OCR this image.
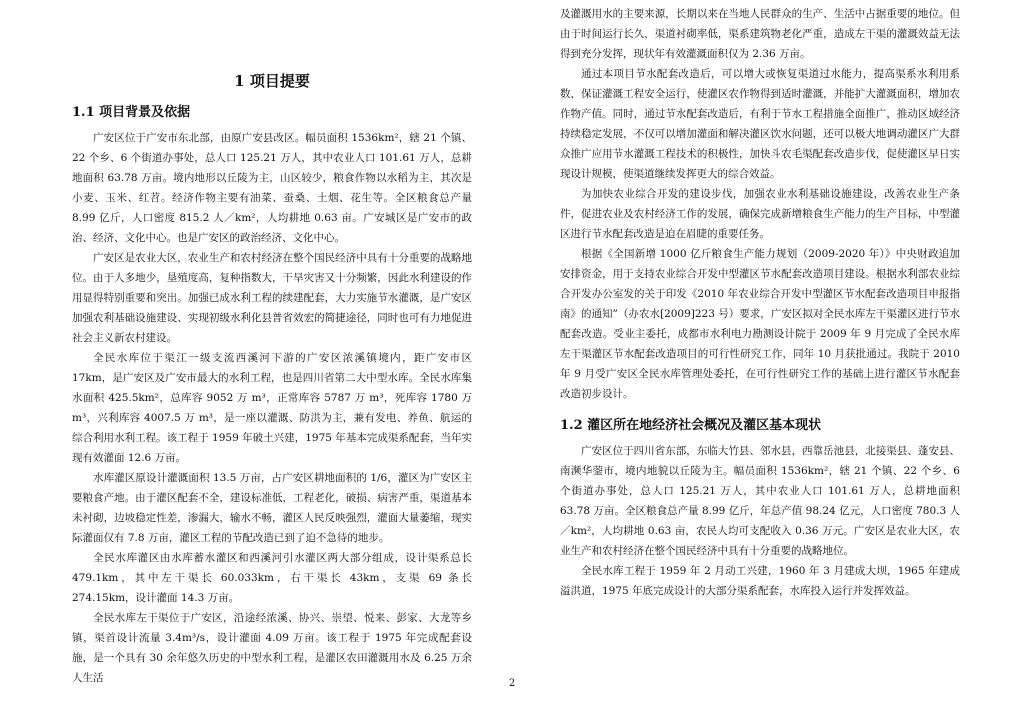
1 项目提要
1.1 项目背景及依据

广安区位于广安市东北部，由原广安县改区。幅员面积 1536km²，辖 21 个镇、22 个乡、6 个街道办事处，总人口 125.21 万人，其中农业人口 101.61 万人，总耕地面积 63.78 万亩。境内地形以丘陵为主，山区较少，粮食作物以水稻为主，其次是小麦、玉米、红苕。经济作物主要有油菜、蚕桑、土烟、花生等。全区粮食总产量 8.99 亿斤，人口密度 815.2 人／km²，人均耕地 0.63 亩。广安城区是广安市的政治、经济、文化中心。也是广安区的政治经济、文化中心。

广安区是农业大区，农业生产和农村经济在整个国民经济中具有十分重要的战略地位。由于人多地少，垦殖度高，复种指数大，干旱灾害又十分频繁，因此水利建设的作用显得特别重要和突出。加强已成水利工程的续建配套，大力实施节水灌溉，是广安区加强农利基础设施建设、实现初级水利化县普省效宏的简捷途径，同时也可有力地促进社会主义新农村建设。

全民水库位于渠江一级支流西溪河下游的广安区浓溪镇境内，距广安市区 17km，是广安区及广安市最大的水利工程，也是四川省第二大中型水库。全民水库集水面积 425.5km²，总库容 9052 万 m³，正常库容 5787 万 m³，死库容 1780 万 m³，兴利库容 4007.5 万 m³，是一座以灌溉、防洪为主，兼有发电、养鱼、航运的综合利用水利工程。该工程于 1959 年破土兴建，1975 年基本完成渠系配套，当年实现有效灌面 12.6 万亩。

水库灌区原设计灌溉面积 13.5 万亩，占广安区耕地面积的 1/6，灌区为广安区主要粮食产地。由于灌区配套不全，建设标准低，工程老化，破损、病害严重，渠道基本未衬砌，边坡稳定性差，渗漏大，输水不畅，灌区人民反映强烈，灌面大量萎缩，现实际灌面仅有 7.8 万亩，灌区工程的节配改造已到了迫不急待的地步。

全民水库灌区由水库蓄水灌区和西溪河引水灌区两大部分组成，设计渠系总长 479.1km，其中左干渠长 60.033km，右干渠长 43km，支渠 69 条长 274.15km，设计灌面 14.3 万亩。

全民水库左干渠位于广安区，沿途经浓溪、协兴、崇望、悦来、彭家、大龙等乡镇，渠首设计流量 3.4m³/s，设计灌面 4.09 万亩。该工程于 1975 年完成配套设施，是一个具有 30 余年悠久历史的中型水利工程，是灌区农田灌溉用水及 6.25 万余人生活

及灌溉用水的主要来源，长期以来在当地人民群众的生产、生活中占据重要的地位。但由于时间运行长久，渠道衬砌率低，渠系建筑物老化严重，造成左干渠的灌溉效益无法得到充分发挥，现状年有效灌溉面积仅为 2.36 万亩。

通过本项目节水配套改造后，可以增大或恢复渠道过水能力，提高渠系水利用系数，保证灌溉工程安全运行，使灌区农作物得到适时灌溉，并能扩大灌溉面积，增加农作物产值。同时，通过节水配套改造后，有利于节水工程措施全面推广，推动区域经济持续稳定发展，不仅可以增加灌面和解决灌区饮水问题，还可以极大地调动灌区广大群众推广应用节水灌溉工程技术的积极性，加快斗农毛渠配套改造步伐，促使灌区早日实现设计规模，使渠道继续发挥更大的综合效益。

为加快农业综合开发的建设步伐，加强农业水利基础设施建设，改善农业生产条件，促进农业及农村经济工作的发展，确保完成新增粮食生产能力的生产目标，中型灌区进行节水配套改造是迫在眉睫的重要任务。

根据《全国新增 1000 亿斤粮食生产能力规划（2009-2020 年）》中央财政追加安排资金，用于支持农业综合开发中型灌区节水配套改造项目建设。根据水利部农业综合开发办公室发的关于印发《2010 年农业综合开发中型灌区节水配套改造项目申报指南》的通知”（办农水[2009]223 号）要求，广安区拟对全民水库左干渠灌区进行节水配套改造。受业主委托，成都市水利电力勘测设计院于 2009 年 9 月完成了全民水库左干渠灌区节水配套改造项目的可行性研究工作，同年 10 月获批通过。我院于 2010 年 9 月受广安区全民水库管理处委托，在可行性研究工作的基础上进行灌区节水配套改造初步设计。

1.2 灌区所在地经济社会概况及灌区基本现状

广安区位于四川省东部，东临大竹县、邻水县，西靠岳池县，北接渠县、蓬安县、南濒华蓥市，境内地貌以丘陵为主。幅员面积 1536km²，辖 21 个镇、22 个乡、6 个街道办事处，总人口 125.21 万人，其中农业人口 101.61 万人，总耕地面积 63.78 万亩。全区粮食总产量 8.99 亿斤，年总产值 98.24 亿元，人口密度 780.3 人／km²，人均耕地 0.63 亩，农民人均可支配收入 0.36 万元。广安区是农业大区，农业生产和农村经济在整个国民经济中具有十分重要的战略地位。

全民水库工程于 1959 年 2 月动工兴建，1960 年 3 月建成大坝，1965 年建成溢洪道，1975 年底完成设计的大部分渠系配套，水库投入运行并发挥效益。

2
